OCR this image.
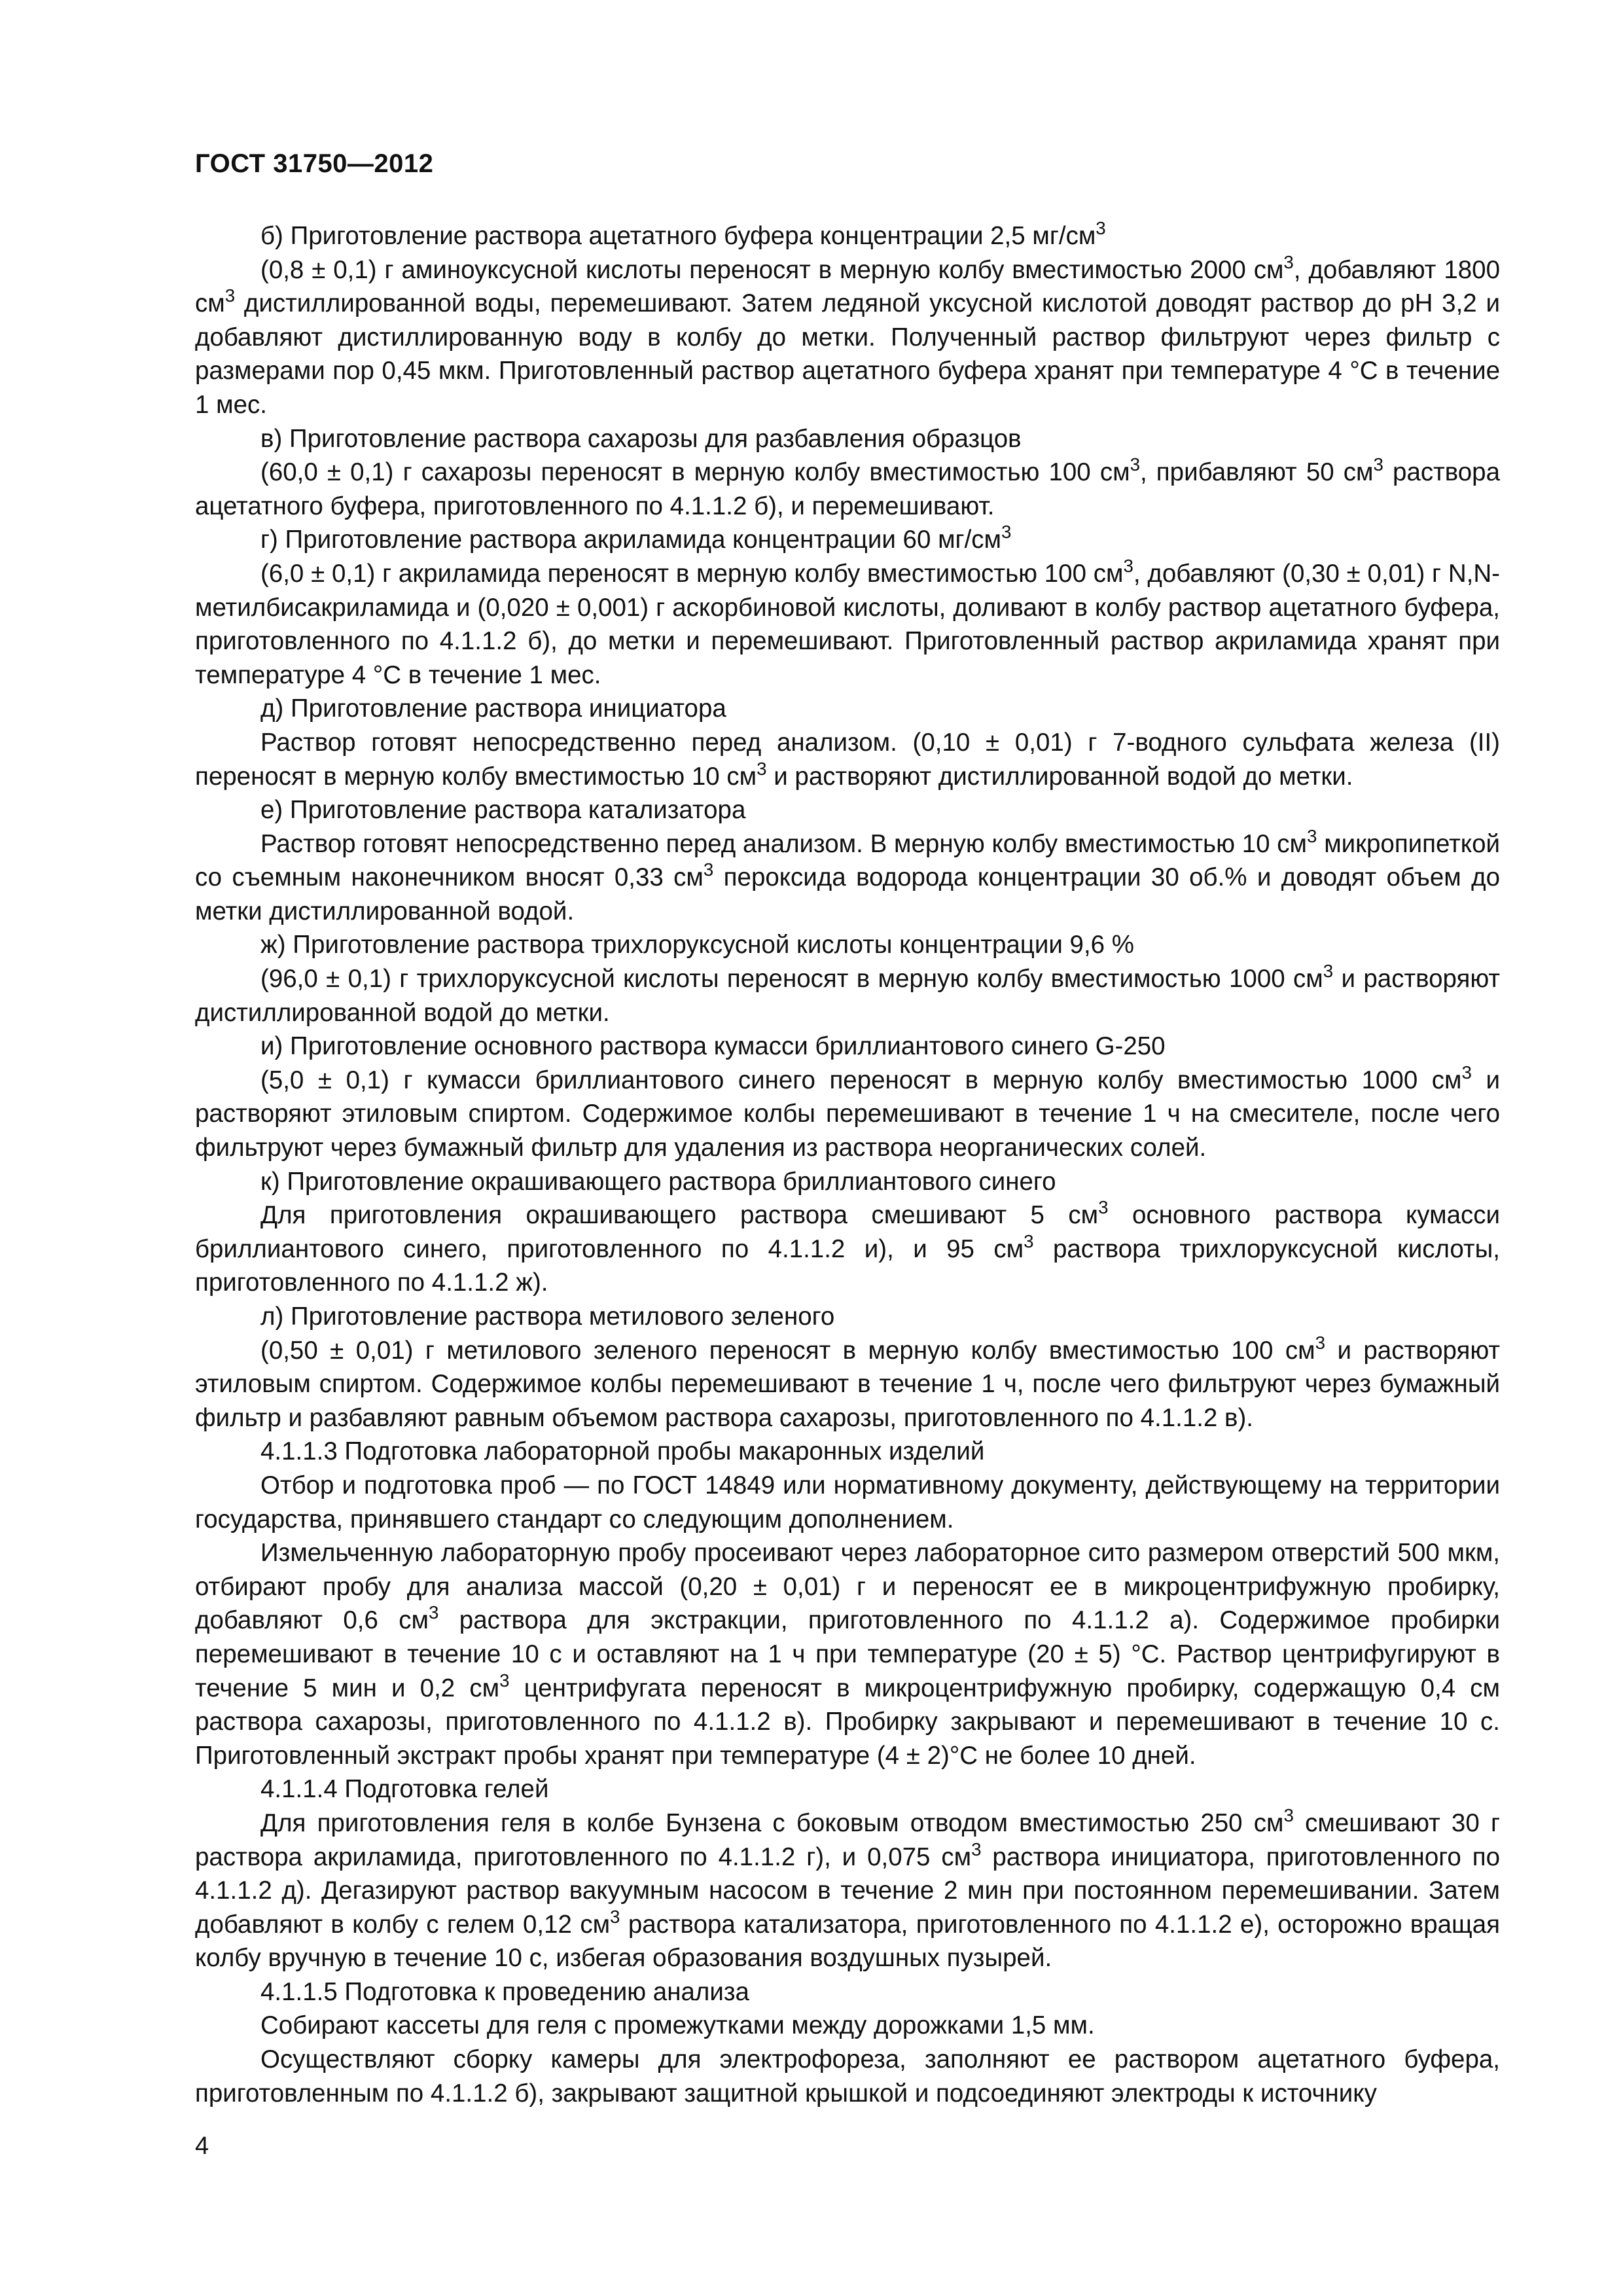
ГОСТ 31750—2012

б) Приготовление раствора ацетатного буфера концентрации 2,5 $мг/см^3$

(0,8 ± 0,1) г аминоуксусной кислоты переносят в мерную колбу вместимостью 2000 $см^3$, добавляют 1800 $см^3$ дистиллированной воды, перемешивают. Затем ледяной уксусной кислотой доводят раствор до pH 3,2 и добавляют дистиллированную воду в колбу до метки. Полученный раствор фильтруют через фильтр с размерами пор 0,45 мкм. Приготовленный раствор ацетатного буфера хранят при температуре 4 °С в течение 1 мес.

в) Приготовление раствора сахарозы для разбавления образцов

(60,0 ± 0,1) г сахарозы переносят в мерную колбу вместимостью 100 $см^3$, прибавляют 50 $см^3$ раствора ацетатного буфера, приготовленного по 4.1.1.2 б), и перемешивают.

г) Приготовление раствора акриламида концентрации 60 $мг/см^3$

(6,0 ± 0,1) г акриламида переносят в мерную колбу вместимостью 100 $см^3$, добавляют (0,30 ± 0,01) г N,N-метилбисакриламида и (0,020 ± 0,001) г аскорбиновой кислоты, доливают в колбу раствор ацетатного буфера, приготовленного по 4.1.1.2 б), до метки и перемешивают. Приготовленный раствор акриламида хранят при температуре 4 °С в течение 1 мес.

д) Приготовление раствора инициатора

Раствор готовят непосредственно перед анализом. (0,10 ± 0,01) г 7-водного сульфата железа (II) переносят в мерную колбу вместимостью 10 $см^3$ и растворяют дистиллированной водой до метки.

е) Приготовление раствора катализатора

Раствор готовят непосредственно перед анализом. В мерную колбу вместимостью 10 $см^3$ микропипеткой со съемным наконечником вносят 0,33 $см^3$ пероксида водорода концентрации 30 об.% и доводят объем до метки дистиллированной водой.

ж) Приготовление раствора трихлоруксусной кислоты концентрации 9,6 %

(96,0 ± 0,1) г трихлоруксусной кислоты переносят в мерную колбу вместимостью 1000 $см^3$ и растворяют дистиллированной водой до метки.

и) Приготовление основного раствора кумасси бриллиантового синего G-250

(5,0 ± 0,1) г кумасси бриллиантового синего переносят в мерную колбу вместимостью 1000 $см^3$ и растворяют этиловым спиртом. Содержимое колбы перемешивают в течение 1 ч на смесителе, после чего фильтруют через бумажный фильтр для удаления из раствора неорганических солей.

к) Приготовление окрашивающего раствора бриллиантового синего

Для приготовления окрашивающего раствора смешивают 5 $см^3$ основного раствора кумасси бриллиантового синего, приготовленного по 4.1.1.2 и), и 95 $см^3$ раствора трихлоруксусной кислоты, приготовленного по 4.1.1.2 ж).

л) Приготовление раствора метилового зеленого

(0,50 ± 0,01) г метилового зеленого переносят в мерную колбу вместимостью 100 $см^3$ и растворяют этиловым спиртом. Содержимое колбы перемешивают в течение 1 ч, после чего фильтруют через бумажный фильтр и разбавляют равным объемом раствора сахарозы, приготовленного по 4.1.1.2 в).

4.1.1.3 Подготовка лабораторной пробы макаронных изделий

Отбор и подготовка проб — по ГОСТ 14849 или нормативному документу, действующему на территории государства, принявшего стандарт со следующим дополнением.

Измельченную лабораторную пробу просеивают через лабораторное сито размером отверстий 500 мкм, отбирают пробу для анализа массой (0,20 ± 0,01) г и переносят ее в микроцентрифужную пробирку, добавляют 0,6 $см^3$ раствора для экстракции, приготовленного по 4.1.1.2 а). Содержимое пробирки перемешивают в течение 10 с и оставляют на 1 ч при температуре (20 ± 5) °С. Раствор центрифугируют в течение 5 мин и 0,2 $см^3$ центрифугата переносят в микроцентрифужную пробирку, содержащую 0,4 см раствора сахарозы, приготовленного по 4.1.1.2 в). Пробирку закрывают и перемешивают в течение 10 с. Приготовленный экстракт пробы хранят при температуре (4 ± 2)°С не более 10 дней.

4.1.1.4 Подготовка гелей

Для приготовления геля в колбе Бунзена с боковым отводом вместимостью 250 $см^3$ смешивают 30 г раствора акриламида, приготовленного по 4.1.1.2 г), и 0,075 $см^3$ раствора инициатора, приготовленного по 4.1.1.2 д). Дегазируют раствор вакуумным насосом в течение 2 мин при постоянном перемешивании. Затем добавляют в колбу с гелем 0,12 $см^3$ раствора катализатора, приготовленного по 4.1.1.2 е), осторожно вращая колбу вручную в течение 10 с, избегая образования воздушных пузырей.

4.1.1.5 Подготовка к проведению анализа

Собирают кассеты для геля с промежутками между дорожками 1,5 мм.

Осуществляют сборку камеры для электрофореза, заполняют ее раствором ацетатного буфера, приготовленным по 4.1.1.2 б), закрывают защитной крышкой и подсоединяют электроды к источнику

4
